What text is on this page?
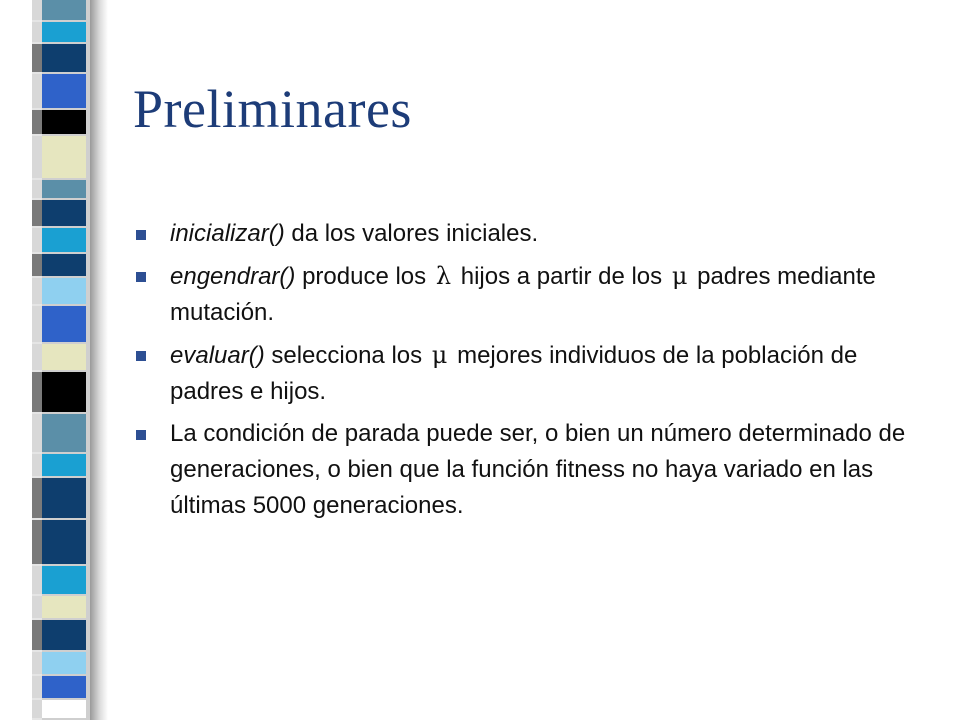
Preliminares
inicializar() da los valores iniciales.
engendrar() produce los λ hijos a partir de los μ padres mediante mutación.
evaluar() selecciona los μ mejores individuos de la población de padres e hijos.
La condición de parada puede ser, o bien un número determinado de generaciones, o bien que la función fitness no haya variado en las últimas 5000 generaciones.
